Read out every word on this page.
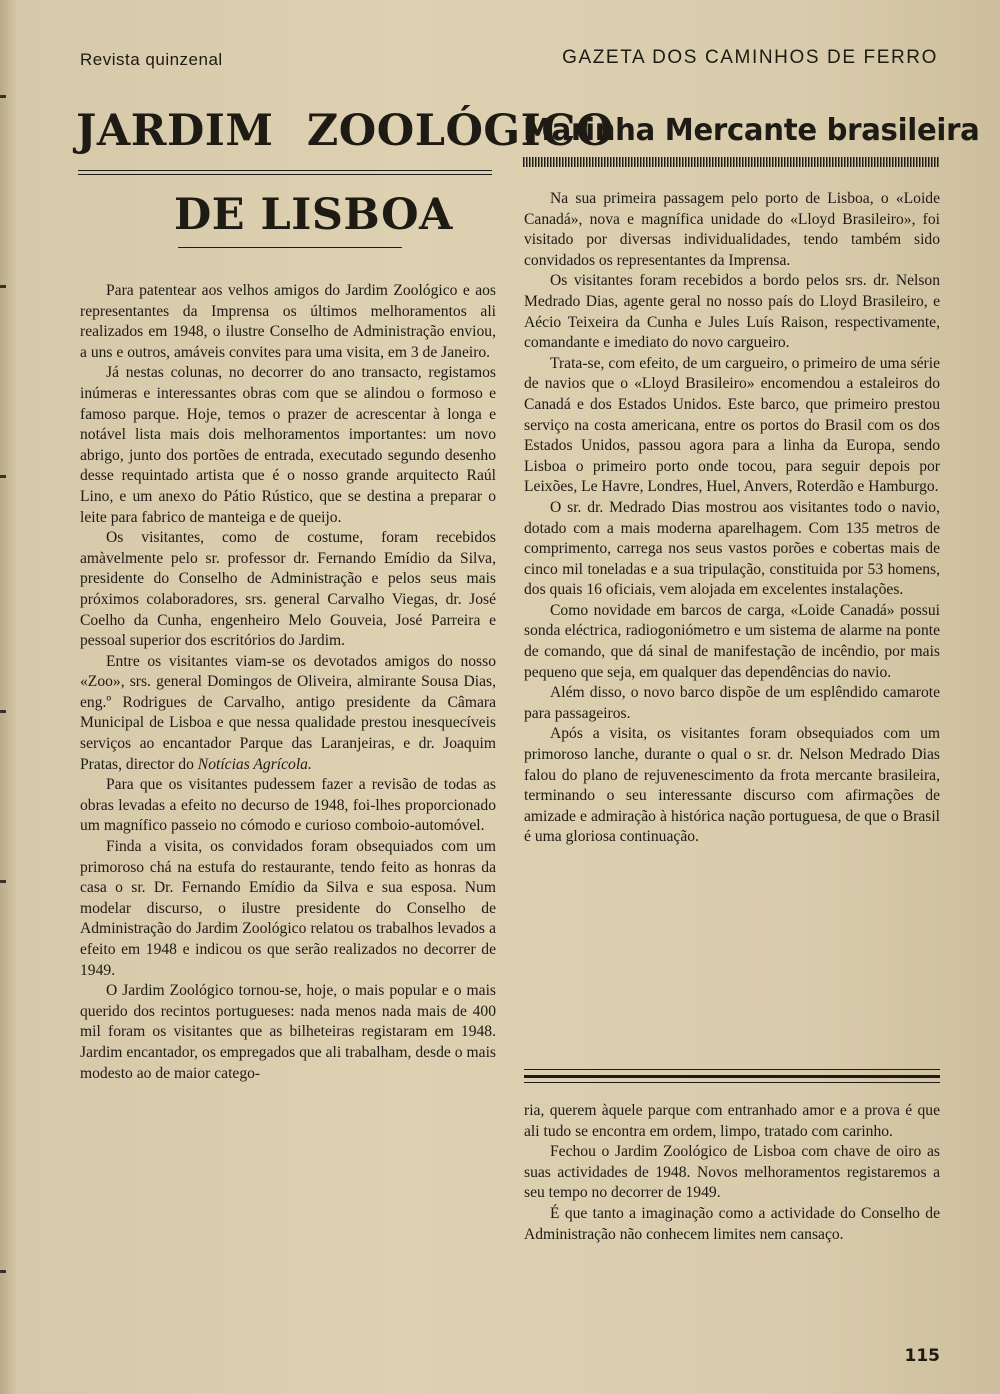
Revista quinzenal	GAZETA DOS CAMINHOS DE FERRO
JARDIM ZOOLÓGICO
DE LISBOA
Marinha Mercante brasileira

Para patentear aos velhos amigos do Jardim Zoológico e aos representantes da Imprensa os últimos melhoramentos ali realizados em 1948, o ilustre Conselho de Administração enviou, a uns e outros, amáveis convites para uma visita, em 3 de Janeiro.

Já nestas colunas, no decorrer do ano transacto, registamos inúmeras e interessantes obras com que se alindou o formoso e famoso parque. Hoje, temos o prazer de acrescentar à longa e notável lista mais dois melhoramentos importantes: um novo abrigo, junto dos portões de entrada, executado segundo desenho desse requintado artista que é o nosso grande arquitecto Raúl Lino, e um anexo do Pátio Rústico, que se destina a preparar o leite para fabrico de manteiga e de queijo.

Os visitantes, como de costume, foram recebidos amàvelmente pelo sr. professor dr. Fernando Emídio da Silva, presidente do Conselho de Administração e pelos seus mais próximos colaboradores, srs. general Carvalho Viegas, dr. José Coelho da Cunha, engenheiro Melo Gouveia, José Parreira e pessoal superior dos escritórios do Jardim.

Entre os visitantes viam-se os devotados amigos do nosso «Zoo», srs. general Domingos de Oliveira, almirante Sousa Dias, eng.º Rodrigues de Carvalho, antigo presidente da Câmara Municipal de Lisboa e que nessa qualidade prestou inesquecíveis serviços ao encantador Parque das Laranjeiras, e dr. Joaquim Pratas, director do Notícias Agrícola.

Para que os visitantes pudessem fazer a revisão de todas as obras levadas a efeito no decurso de 1948, foi-lhes proporcionado um magnífico passeio no cómodo e curioso comboio-automóvel.

Finda a visita, os convidados foram obsequiados com um primoroso chá na estufa do restaurante, tendo feito as honras da casa o sr. Dr. Fernando Emídio da Silva e sua esposa. Num modelar discurso, o ilustre presidente do Conselho de Administração do Jardim Zoológico relatou os trabalhos levados a efeito em 1948 e indicou os que serão realizados no decorrer de 1949.

O Jardim Zoológico tornou-se, hoje, o mais popular e o mais querido dos recintos portugueses: nada menos nada mais de 400 mil foram os visitantes que as bilheteiras registaram em 1948. Jardim encantador, os empregados que ali trabalham, desde o mais modesto ao de maior catego-

Na sua primeira passagem pelo porto de Lisboa, o «Loide Canadá», nova e magnífica unidade do «Lloyd Brasileiro», foi visitado por diversas individualidades, tendo também sido convidados os representantes da Imprensa.

Os visitantes foram recebidos a bordo pelos srs. dr. Nelson Medrado Dias, agente geral no nosso país do Lloyd Brasileiro, e Aécio Teixeira da Cunha e Jules Luís Raison, respectivamente, comandante e imediato do novo cargueiro.

Trata-se, com efeito, de um cargueiro, o primeiro de uma série de navios que o «Lloyd Brasileiro» encomendou a estaleiros do Canadá e dos Estados Unidos. Este barco, que primeiro prestou serviço na costa americana, entre os portos do Brasil com os dos Estados Unidos, passou agora para a linha da Europa, sendo Lisboa o primeiro porto onde tocou, para seguir depois por Leixões, Le Havre, Londres, Huel, Anvers, Roterdão e Hamburgo.

O sr. dr. Medrado Dias mostrou aos visitantes todo o navio, dotado com a mais moderna aparelhagem. Com 135 metros de comprimento, carrega nos seus vastos porões e cobertas mais de cinco mil toneladas e a sua tripulação, constituida por 53 homens, dos quais 16 oficiais, vem alojada em excelentes instalações.

Como novidade em barcos de carga, «Loide Canadá» possui sonda eléctrica, radiogoniómetro e um sistema de alarme na ponte de comando, que dá sinal de manifestação de incêndio, por mais pequeno que seja, em qualquer das dependências do navio.

Além disso, o novo barco dispõe de um esplêndido camarote para passageiros.

Após a visita, os visitantes foram obsequiados com um primoroso lanche, durante o qual o sr. dr. Nelson Medrado Dias falou do plano de rejuvenescimento da frota mercante brasileira, terminando o seu interessante discurso com afirmações de amizade e admiração à histórica nação portuguesa, de que o Brasil é uma gloriosa continuação.

ria, querem àquele parque com entranhado amor e a prova é que ali tudo se encontra em ordem, limpo, tratado com carinho.

Fechou o Jardim Zoológico de Lisboa com chave de oiro as suas actividades de 1948. Novos melhoramentos registaremos a seu tempo no decorrer de 1949.

É que tanto a imaginação como a actividade do Conselho de Administração não conhecem limites nem cansaço.

115
